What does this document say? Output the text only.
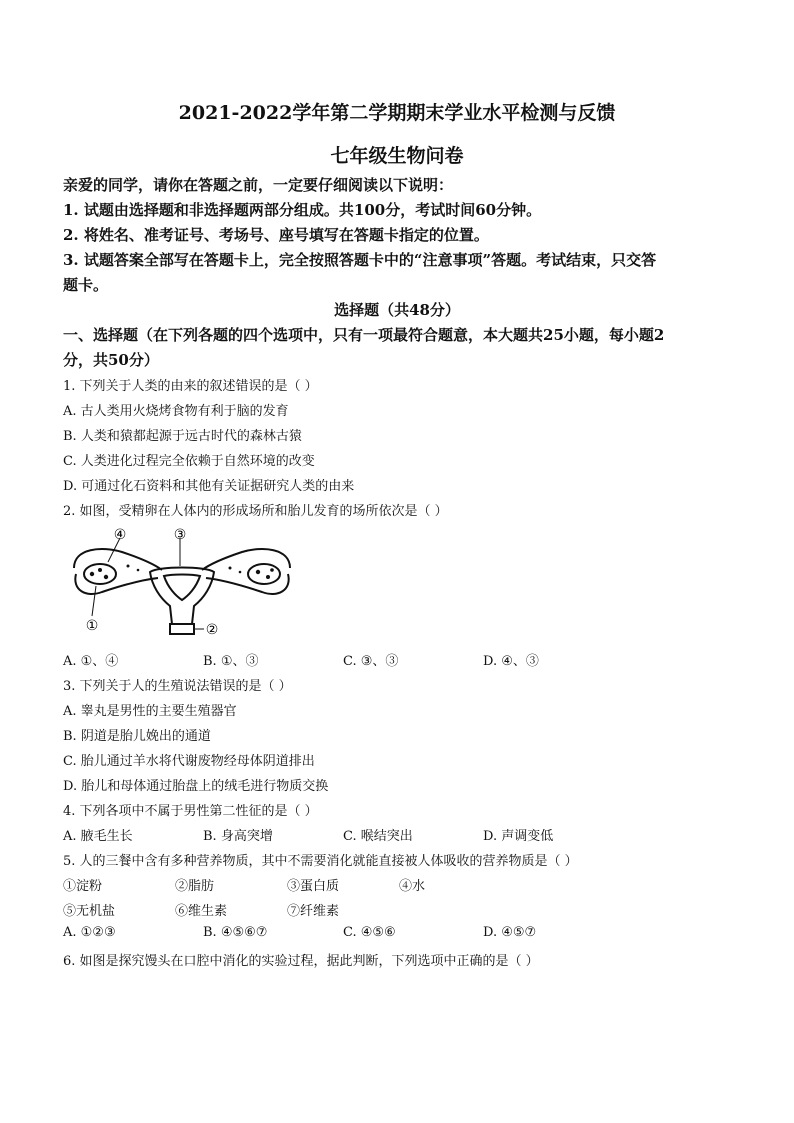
2021-2022学年第二学期期末学业水平检测与反馈
七年级生物问卷
亲爱的同学，请你在答题之前，一定要仔细阅读以下说明：
1. 试题由选择题和非选择题两部分组成。共100分，考试时间60分钟。
2. 将姓名、准考证号、考场号、座号填写在答题卡指定的位置。
3. 试题答案全部写在答题卡上，完全按照答题卡中的“注意事项”答题。考试结束，只交答
题卡。
选择题（共48分）
一、选择题（在下列各题的四个选项中，只有一项最符合题意，本大题共25小题，每小题2
分，共50分）
1. 下列关于人类的由来的叙述错误的是（ ）
A. 古人类用火烧烤食物有利于脑的发育
B. 人类和猿都起源于远古时代的森林古猿
C. 人类进化过程完全依赖于自然环境的改变
D. 可通过化石资料和其他有关证据研究人类的由来
2. 如图，受精卵在人体内的形成场所和胎儿发育的场所依次是（ ）
④	③
①	②
A. ①、④	B. ①、③	C. ③、③	D. ④、③
3. 下列关于人的生殖说法错误的是（ ）
A. 睾丸是男性的主要生殖器官
B. 阴道是胎儿娩出的通道
C. 胎儿通过羊水将代谢废物经母体阴道排出
D. 胎儿和母体通过胎盘上的绒毛进行物质交换
4. 下列各项中不属于男性第二性征的是（ ）
A. 腋毛生长	B. 身高突增	C. 喉结突出	D. 声调变低
5. 人的三餐中含有多种营养物质，其中不需要消化就能直接被人体吸收的营养物质是（ ）
①淀粉	②脂肪	③蛋白质	④水
⑤无机盐	⑥维生素	⑦纤维素
A. ①②③	B. ④⑤⑥⑦	C. ④⑤⑥	D. ④⑤⑦
6. 如图是探究馒头在口腔中消化的实验过程，据此判断，下列选项中正确的是（ ）
